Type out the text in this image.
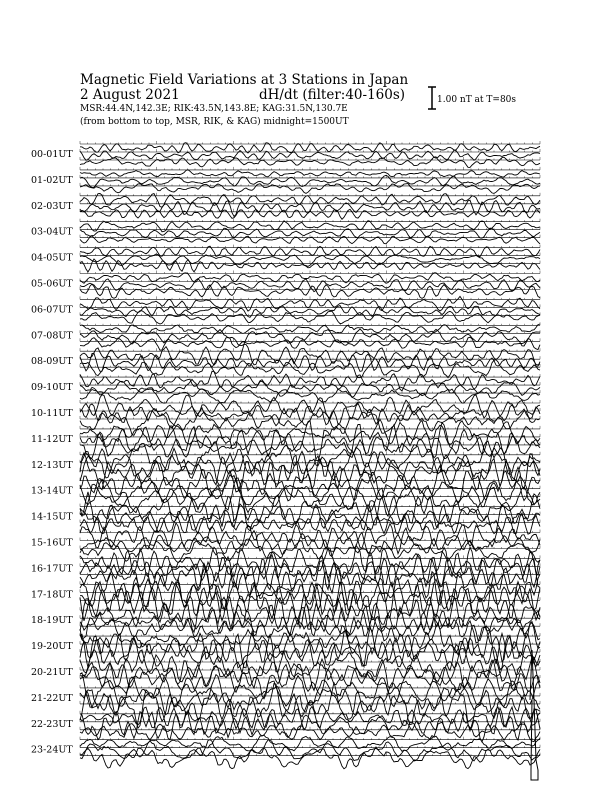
Magnetic Field Variations at 3 Stations in Japan
2 August 2021	dH/dt (filter:40-160s)
MSR:44.4N,142.3E; RIK:43.5N,143.8E; KAG:31.5N,130.7E
(from bottom to top, MSR, RIK, & KAG) midnight=1500UT
1.00 nT at T=80s
00-01UT
01-02UT
02-03UT
03-04UT
04-05UT
05-06UT
06-07UT
07-08UT
08-09UT
09-10UT
10-11UT
11-12UT
12-13UT
13-14UT
14-15UT
15-16UT
16-17UT
17-18UT
18-19UT
19-20UT
20-21UT
21-22UT
22-23UT
23-24UT
